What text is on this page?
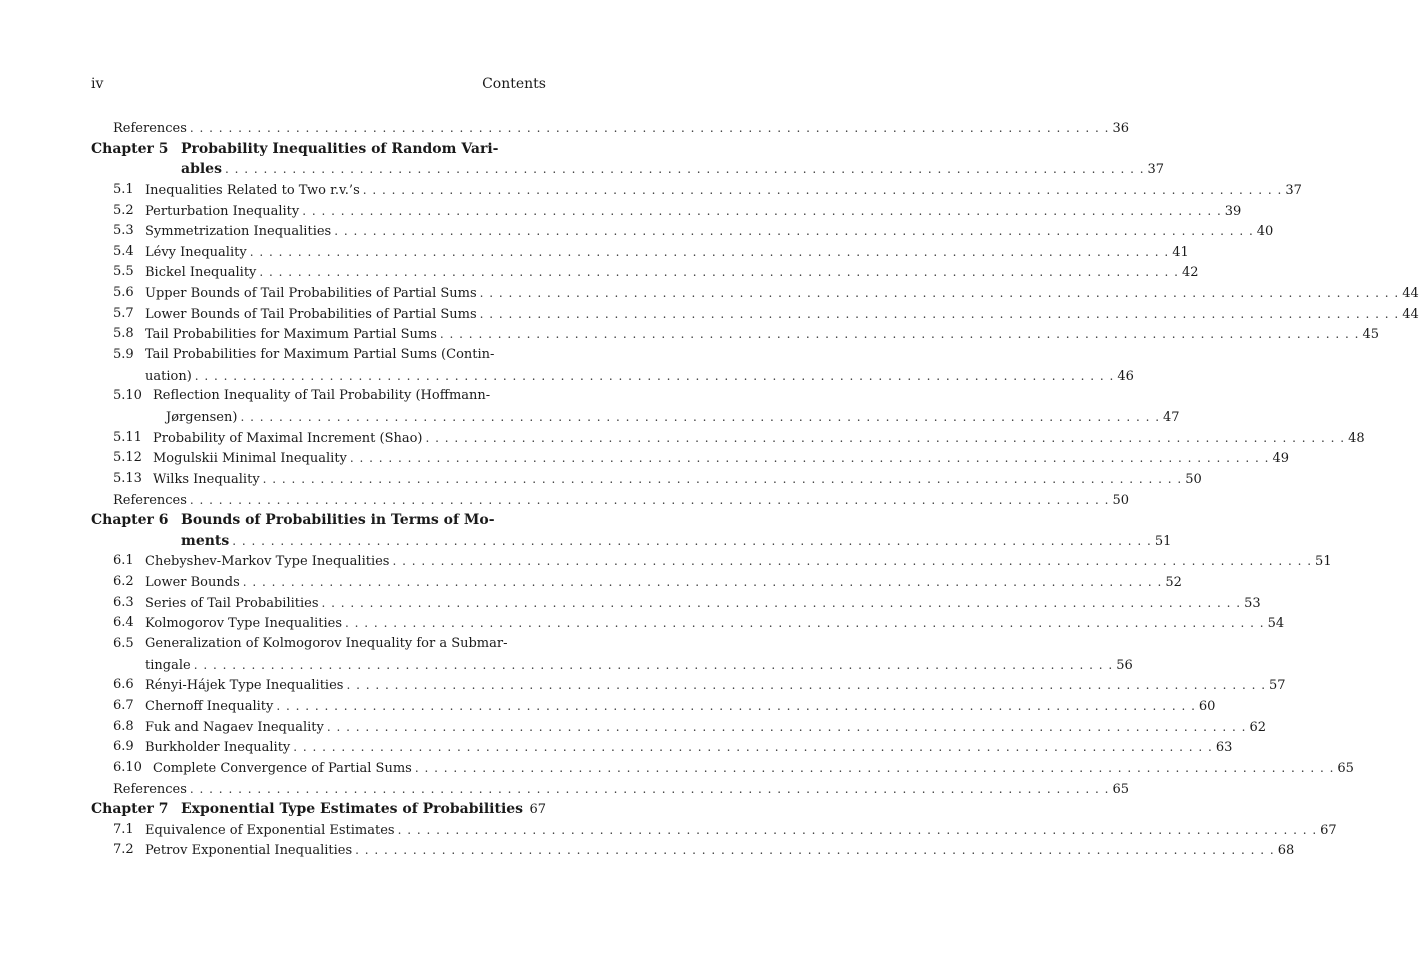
iv	Contents
References . . . . . . . . . . . . . . . . . . . . . . . . . . . . . . . . . . . . . . . . . . . . . . . . . . . . . . . . . . . . . . . . . . . . . . . . . . . . . . . . . . . . . . . . . . . . . . . . 36
Chapter 5 Probability Inequalities of Random Vari-
ables . . . . . . . . . . . . . . . . . . . . . . . . . . . . . . . . . . . . . . . . . . . . . . . . . . . . . . . . . . . . . . . . . . . . . . . . . . . . . . . . . . . . . . . . . . . . . . . . 37
5.1 Inequalities Related to Two r.v.’s . . . . . . . . . . . . . . . . . . . . . . . . . . . . . . . . . . . . . . . . . . . . . . . . . . . . . . . . . . . . . . . . . . . . . . . . . . . . . . . . . . . . . . . . . . . . . . . . 37
5.2 Perturbation Inequality . . . . . . . . . . . . . . . . . . . . . . . . . . . . . . . . . . . . . . . . . . . . . . . . . . . . . . . . . . . . . . . . . . . . . . . . . . . . . . . . . . . . . . . . . . . . . . . . 39
5.3 Symmetrization Inequalities . . . . . . . . . . . . . . . . . . . . . . . . . . . . . . . . . . . . . . . . . . . . . . . . . . . . . . . . . . . . . . . . . . . . . . . . . . . . . . . . . . . . . . . . . . . . . . . . 40
5.4 Lévy Inequality . . . . . . . . . . . . . . . . . . . . . . . . . . . . . . . . . . . . . . . . . . . . . . . . . . . . . . . . . . . . . . . . . . . . . . . . . . . . . . . . . . . . . . . . . . . . . . . . 41
5.5 Bickel Inequality . . . . . . . . . . . . . . . . . . . . . . . . . . . . . . . . . . . . . . . . . . . . . . . . . . . . . . . . . . . . . . . . . . . . . . . . . . . . . . . . . . . . . . . . . . . . . . . . 42
5.6 Upper Bounds of Tail Probabilities of Partial Sums . . . . . . . . . . . . . . . . . . . . . . . . . . . . . . . . . . . . . . . . . . . . . . . . . . . . . . . . . . . . . . . . . . . . . . . . . . . . . . . . . . . . . . . . . . . . . . . . 44
5.7 Lower Bounds of Tail Probabilities of Partial Sums . . . . . . . . . . . . . . . . . . . . . . . . . . . . . . . . . . . . . . . . . . . . . . . . . . . . . . . . . . . . . . . . . . . . . . . . . . . . . . . . . . . . . . . . . . . . . . . . 44
5.8 Tail Probabilities for Maximum Partial Sums . . . . . . . . . . . . . . . . . . . . . . . . . . . . . . . . . . . . . . . . . . . . . . . . . . . . . . . . . . . . . . . . . . . . . . . . . . . . . . . . . . . . . . . . . . . . . . . . 45
5.9 Tail Probabilities for Maximum Partial Sums (Contin-
uation) . . . . . . . . . . . . . . . . . . . . . . . . . . . . . . . . . . . . . . . . . . . . . . . . . . . . . . . . . . . . . . . . . . . . . . . . . . . . . . . . . . . . . . . . . . . . . . . . 46
5.10 Reflection Inequality of Tail Probability (Hoffmann-
Jørgensen) . . . . . . . . . . . . . . . . . . . . . . . . . . . . . . . . . . . . . . . . . . . . . . . . . . . . . . . . . . . . . . . . . . . . . . . . . . . . . . . . . . . . . . . . . . . . . . . . 47
5.11 Probability of Maximal Increment (Shao) . . . . . . . . . . . . . . . . . . . . . . . . . . . . . . . . . . . . . . . . . . . . . . . . . . . . . . . . . . . . . . . . . . . . . . . . . . . . . . . . . . . . . . . . . . . . . . . . 48
5.12 Mogulskii Minimal Inequality . . . . . . . . . . . . . . . . . . . . . . . . . . . . . . . . . . . . . . . . . . . . . . . . . . . . . . . . . . . . . . . . . . . . . . . . . . . . . . . . . . . . . . . . . . . . . . . . 49
5.13 Wilks Inequality . . . . . . . . . . . . . . . . . . . . . . . . . . . . . . . . . . . . . . . . . . . . . . . . . . . . . . . . . . . . . . . . . . . . . . . . . . . . . . . . . . . . . . . . . . . . . . . . 50
References . . . . . . . . . . . . . . . . . . . . . . . . . . . . . . . . . . . . . . . . . . . . . . . . . . . . . . . . . . . . . . . . . . . . . . . . . . . . . . . . . . . . . . . . . . . . . . . . 50
Chapter 6 Bounds of Probabilities in Terms of Mo-
ments . . . . . . . . . . . . . . . . . . . . . . . . . . . . . . . . . . . . . . . . . . . . . . . . . . . . . . . . . . . . . . . . . . . . . . . . . . . . . . . . . . . . . . . . . . . . . . . . 51
6.1 Chebyshev-Markov Type Inequalities . . . . . . . . . . . . . . . . . . . . . . . . . . . . . . . . . . . . . . . . . . . . . . . . . . . . . . . . . . . . . . . . . . . . . . . . . . . . . . . . . . . . . . . . . . . . . . . . 51
6.2 Lower Bounds . . . . . . . . . . . . . . . . . . . . . . . . . . . . . . . . . . . . . . . . . . . . . . . . . . . . . . . . . . . . . . . . . . . . . . . . . . . . . . . . . . . . . . . . . . . . . . . . 52
6.3 Series of Tail Probabilities . . . . . . . . . . . . . . . . . . . . . . . . . . . . . . . . . . . . . . . . . . . . . . . . . . . . . . . . . . . . . . . . . . . . . . . . . . . . . . . . . . . . . . . . . . . . . . . . 53
6.4 Kolmogorov Type Inequalities . . . . . . . . . . . . . . . . . . . . . . . . . . . . . . . . . . . . . . . . . . . . . . . . . . . . . . . . . . . . . . . . . . . . . . . . . . . . . . . . . . . . . . . . . . . . . . . . 54
6.5 Generalization of Kolmogorov Inequality for a Submar-
tingale . . . . . . . . . . . . . . . . . . . . . . . . . . . . . . . . . . . . . . . . . . . . . . . . . . . . . . . . . . . . . . . . . . . . . . . . . . . . . . . . . . . . . . . . . . . . . . . . 56
6.6 Rényi-Hájek Type Inequalities . . . . . . . . . . . . . . . . . . . . . . . . . . . . . . . . . . . . . . . . . . . . . . . . . . . . . . . . . . . . . . . . . . . . . . . . . . . . . . . . . . . . . . . . . . . . . . . . 57
6.7 Chernoff Inequality . . . . . . . . . . . . . . . . . . . . . . . . . . . . . . . . . . . . . . . . . . . . . . . . . . . . . . . . . . . . . . . . . . . . . . . . . . . . . . . . . . . . . . . . . . . . . . . . 60
6.8 Fuk and Nagaev Inequality . . . . . . . . . . . . . . . . . . . . . . . . . . . . . . . . . . . . . . . . . . . . . . . . . . . . . . . . . . . . . . . . . . . . . . . . . . . . . . . . . . . . . . . . . . . . . . . . 62
6.9 Burkholder Inequality . . . . . . . . . . . . . . . . . . . . . . . . . . . . . . . . . . . . . . . . . . . . . . . . . . . . . . . . . . . . . . . . . . . . . . . . . . . . . . . . . . . . . . . . . . . . . . . . 63
6.10 Complete Convergence of Partial Sums . . . . . . . . . . . . . . . . . . . . . . . . . . . . . . . . . . . . . . . . . . . . . . . . . . . . . . . . . . . . . . . . . . . . . . . . . . . . . . . . . . . . . . . . . . . . . . . . 65
References . . . . . . . . . . . . . . . . . . . . . . . . . . . . . . . . . . . . . . . . . . . . . . . . . . . . . . . . . . . . . . . . . . . . . . . . . . . . . . . . . . . . . . . . . . . . . . . . 65
Chapter 7 Exponential Type Estimates of Probabilities 67
7.1 Equivalence of Exponential Estimates . . . . . . . . . . . . . . . . . . . . . . . . . . . . . . . . . . . . . . . . . . . . . . . . . . . . . . . . . . . . . . . . . . . . . . . . . . . . . . . . . . . . . . . . . . . . . . . . 67
7.2 Petrov Exponential Inequalities . . . . . . . . . . . . . . . . . . . . . . . . . . . . . . . . . . . . . . . . . . . . . . . . . . . . . . . . . . . . . . . . . . . . . . . . . . . . . . . . . . . . . . . . . . . . . . . . 68
